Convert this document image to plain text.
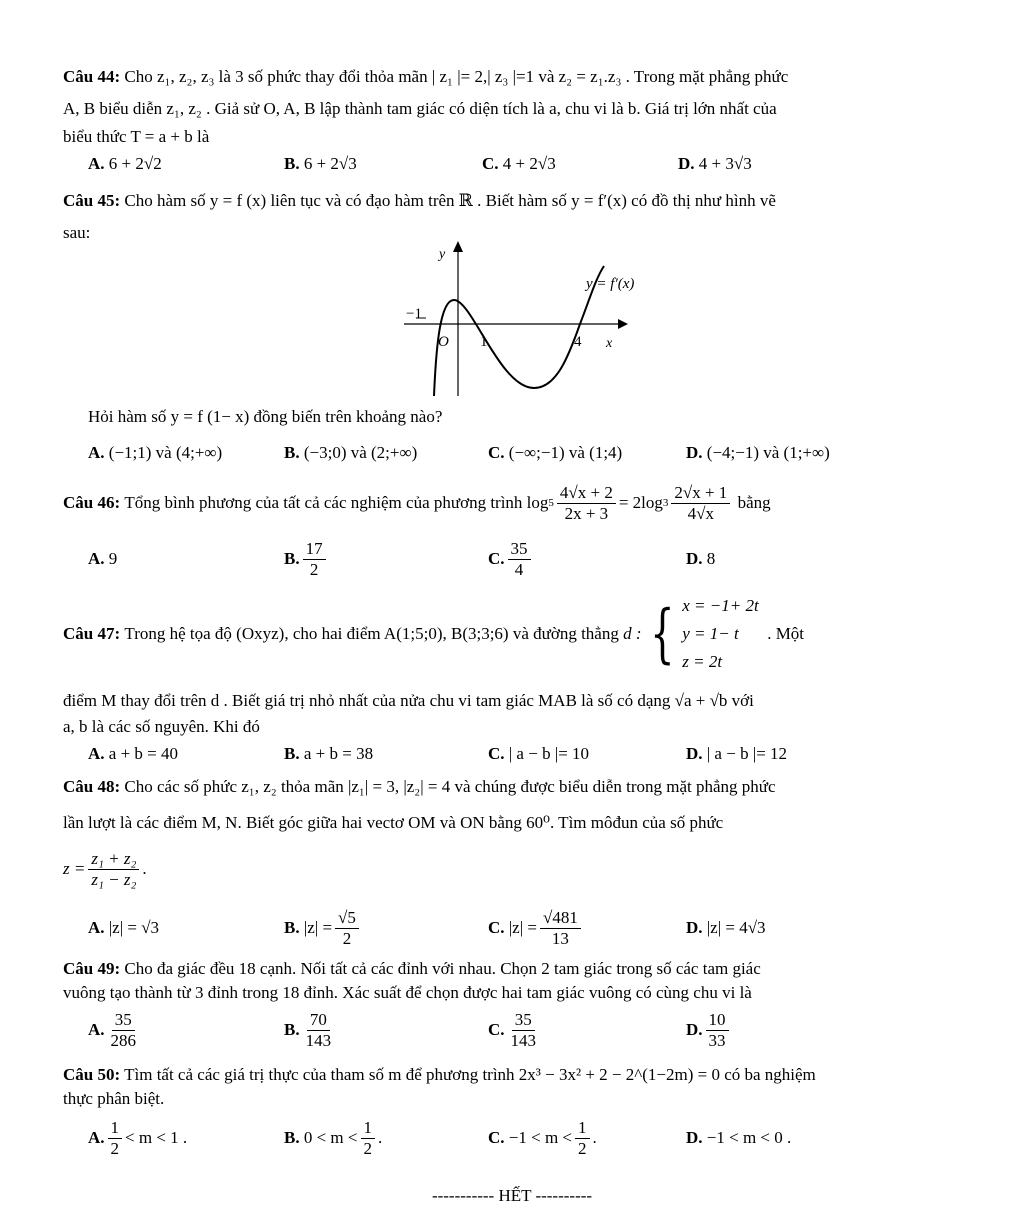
Câu 44: Cho z₁, z₂, z₃ là 3 số phức thay đổi thỏa mãn | z₁ |= 2,| z₃ |=1 và z₂ = z₁.z₃ . Trong mặt phẳng phức
A, B biểu diễn z₁, z₂ . Giả sử O, A, B lập thành tam giác có diện tích là a, chu vi là b. Giá trị lớn nhất của
biểu thức T = a + b là
A.
6 + 2√2	B.
6 + 2√3	C.
4 + 2√3	D.
4 + 3√3
Câu 45: Cho hàm số y = f (x) liên tục và có đạo hàm trên ℝ . Biết hàm số y = f′(x) có đồ thị như hình vẽ
sau:
y
x
O
−1
1	4
y = f′(x)
Hỏi hàm số y = f (1− x) đồng biến trên khoảng nào?
A.
(−1;1) và (4;+∞)	B.
(−3;0) và (2;+∞)	C.
(−∞;−1) và (1;4)	D.
(−4;−1) và (1;+∞)
Câu 46:
Tổng bình phương của tất cả các nghiệm của phương trình
$\log 5 \frac{4√x + 2}{2x + 3} = 2\log$ $3 \frac{2√x + 1}{4√x}$
bằng
A.
9	B. $\frac{17}{2}$	C. $\frac{35}{4}$	D.
8
Câu 47:
Trong hệ tọa độ (Oxyz), cho hai điểm A(1;5;0), B(3;3;6) và đường thẳng
d : { x = −1+ 2t
y = 1− t
z = 2t

. Một
điểm M thay đổi trên d . Biết giá trị nhỏ nhất của nửa chu vi tam giác MAB là số có dạng √a + √b với
a, b là các số nguyên. Khi đó
A.
a + b = 40	B.
a + b = 38	C.
| a − b |= 10	D.
| a − b |= 12
Câu 48: Cho các số phức z₁, z₂ thỏa mãn |z₁| = 3, |z₂| = 4 và chúng được biểu diễn trong mặt phẳng phức
lần lượt là các điểm M, N. Biết góc giữa hai vectơ OM và ON bằng 60⁰. Tìm môđun của số phức
$z = \frac{\text{z₁ + z₂}}{\text{z₁ − z₂}}$ .
A.
|z| = √3	B.
$|z| = \frac{√5}{2}$	C.
$|z| = \frac{√481}{13}$	D.
|z| = 4√3
Câu 49: Cho đa giác đều 18 cạnh. Nối tất cả các đỉnh với nhau. Chọn 2 tam giác trong số các tam giác
vuông tạo thành từ 3 đỉnh trong 18 đỉnh. Xác suất để chọn được hai tam giác vuông có cùng chu vi là
A. $\frac{35}{286}$	B. $\frac{70}{143}$	C. $\frac{35}{143}$	D. $\frac{10}{33}$
Câu 50: Tìm tất cả các giá trị thực của tham số m để phương trình 2x³ − 3x² + 2 − 2^(1−2m) = 0 có ba nghiệm
thực phân biệt.
A. $\frac{1}{2} < m < 1$ .	B.
$0 < m < \frac{1}{2}$ .	C.
$-1 < m < \frac{1}{2}$ .	D.
−1 < m < 0 .
----------- HẾT ----------
